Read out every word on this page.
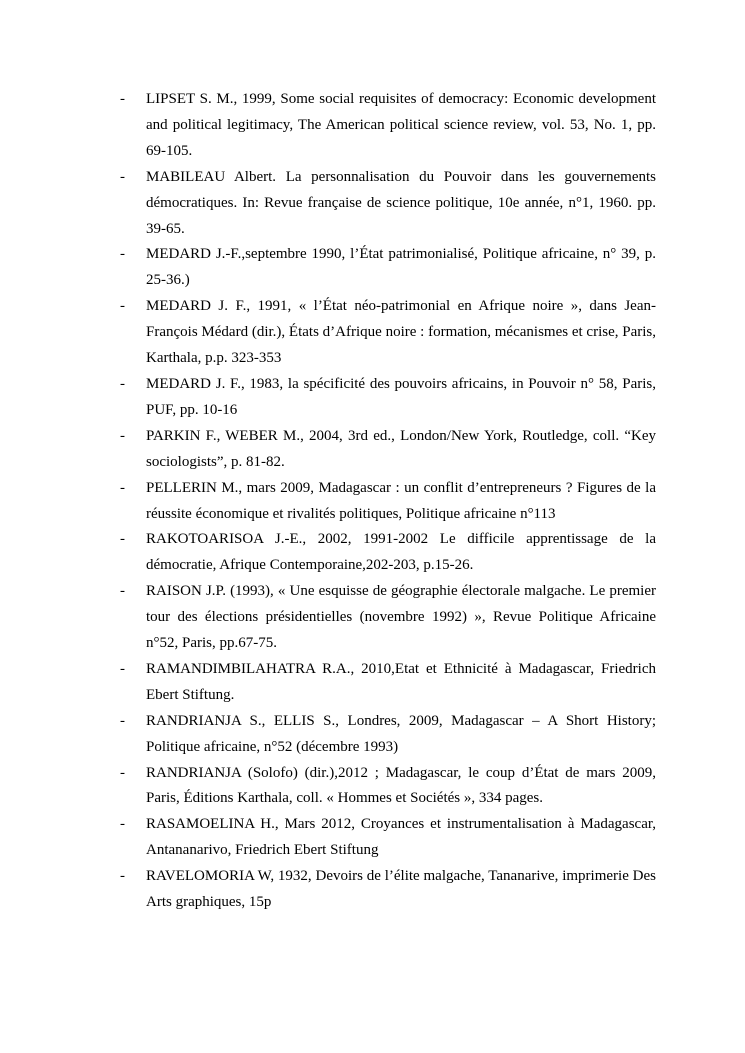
- LIPSET S. M., 1999, Some social requisites of democracy: Economic development and political legitimacy, The American political science review, vol. 53, No. 1, pp. 69-105.
- MABILEAU Albert. La personnalisation du Pouvoir dans les gouvernements démocratiques. In: Revue française de science politique, 10e année, n°1, 1960. pp. 39-65.
- MEDARD J.-F.,septembre 1990, l’État patrimonialisé, Politique africaine, n° 39, p. 25-36.)
- MEDARD J. F., 1991, « l’État néo-patrimonial en Afrique noire », dans Jean-François Médard (dir.), États d’Afrique noire : formation, mécanismes et crise, Paris, Karthala, p.p. 323-353
- MEDARD J. F., 1983, la spécificité des pouvoirs africains, in Pouvoir n° 58, Paris, PUF, pp. 10-16
- PARKIN F., WEBER M., 2004, 3rd ed., London/New York, Routledge, coll. “Key sociologists”, p. 81‑82.
- PELLERIN M., mars 2009, Madagascar : un conflit d’entrepreneurs ? Figures de la réussite économique et rivalités politiques, Politique africaine n°113
- RAKOTOARISOA J.-E., 2002, 1991-2002 Le difficile apprentissage de la démocratie, Afrique Contemporaine,202-203, p.15-26.
- RAISON J.P. (1993), « Une esquisse de géographie électorale malgache. Le premier tour des élections présidentielles (novembre 1992) », Revue Politique Africaine n°52, Paris, pp.67-75.
- RAMANDIMBILAHATRA R.A., 2010,Etat et Ethnicité à Madagascar, Friedrich Ebert Stiftung.
- RANDRIANJA S., ELLIS S., Londres, 2009, Madagascar – A Short History; Politique africaine, n°52 (décembre 1993)
- RANDRIANJA (Solofo) (dir.),2012 ; Madagascar, le coup d’État de mars 2009, Paris, Éditions Karthala, coll. « Hommes et Sociétés », 334 pages.
- RASAMOELINA H., Mars 2012, Croyances et instrumentalisation à Madagascar, Antananarivo, Friedrich Ebert Stiftung
- RAVELOMORIA W, 1932, Devoirs de l’élite malgache, Tananarive, imprimerie Des Arts graphiques, 15p
